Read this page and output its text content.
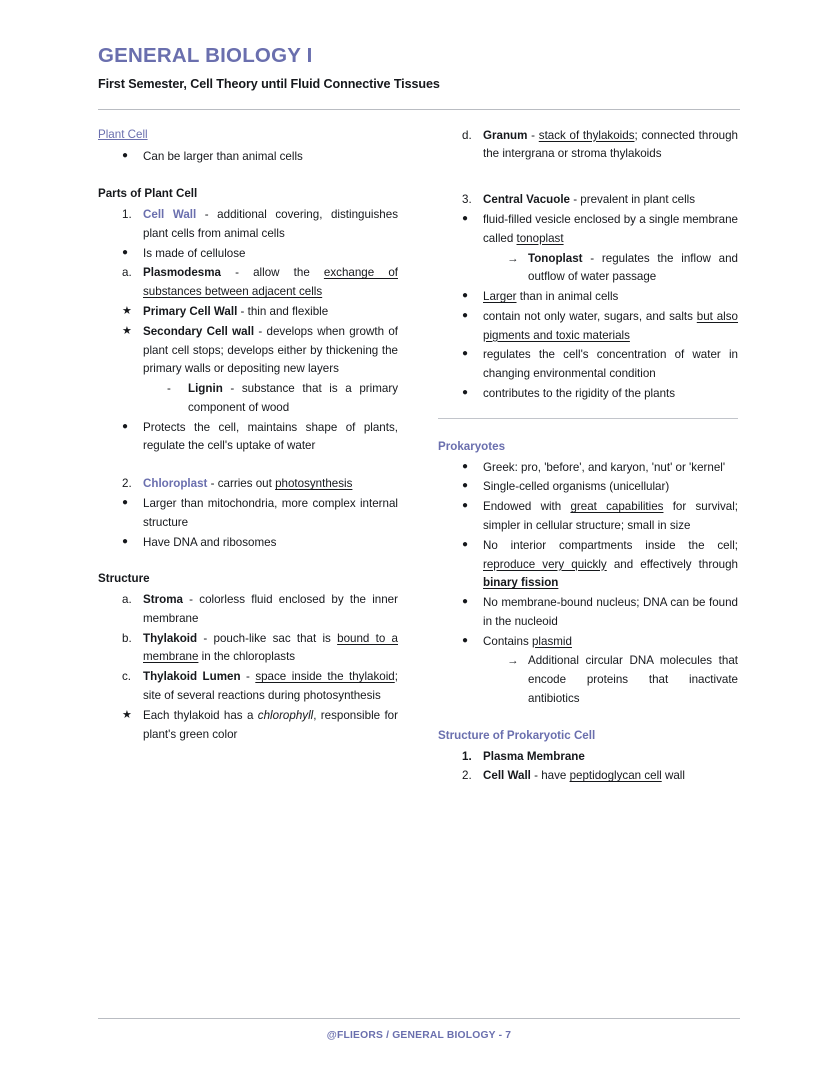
GENERAL BIOLOGY I
First Semester, Cell Theory until Fluid Connective Tissues
Plant Cell
●	Can be larger than animal cells
Parts of Plant Cell
1. Cell Wall - additional covering, distinguishes plant cells from animal cells
●	Is made of cellulose
a. Plasmodesma - allow the exchange of substances between adjacent cells
★ Primary Cell Wall - thin and flexible
★ Secondary Cell wall - develops when growth of plant cell stops; develops either by thickening the primary walls or depositing new layers
-	Lignin - substance that is a primary component of wood
●	Protects the cell, maintains shape of plants, regulate the cell's uptake of water
2. Chloroplast - carries out photosynthesis
●	Larger than mitochondria, more complex internal structure
●	Have DNA and ribosomes
Structure
a. Stroma - colorless fluid enclosed by the inner membrane
b. Thylakoid - pouch-like sac that is bound to a membrane in the chloroplasts
c.	Thylakoid Lumen - space inside the thylakoid; site of several reactions during photosynthesis
★ Each thylakoid has a chlorophyll, responsible for plant's green color
d. Granum - stack of thylakoids; connected through the intergrana or stroma thylakoids
3. Central Vacuole - prevalent in plant cells
●	fluid-filled vesicle enclosed by a single membrane called tonoplast
→ Tonoplast - regulates the inflow and outflow of water passage
●	Larger than in animal cells
●	contain not only water, sugars, and salts but also pigments and toxic materials
●	regulates the cell's concentration of water in changing environmental condition
●	contributes to the rigidity of the plants
Prokaryotes
●	Greek: pro, 'before', and karyon, 'nut' or 'kernel'
●	Single-celled organisms (unicellular)
●	Endowed with great capabilities for survival; simpler in cellular structure; small in size
●	No interior compartments inside the cell; reproduce very quickly and effectively through binary fission
●	No membrane-bound nucleus; DNA can be found in the nucleoid
●	Contains plasmid
→ Additional circular DNA molecules that encode proteins that inactivate antibiotics
Structure of Prokaryotic Cell
1. Plasma Membrane
2. Cell Wall - have peptidoglycan cell wall
@FLIEORS / GENERAL BIOLOGY - 7
